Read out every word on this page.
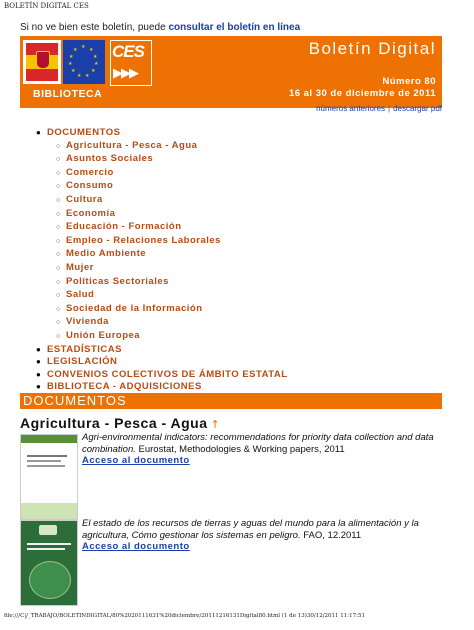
BOLETÍN DIGITAL CES
Si no ve bien este boletín, puede consultar el boletín en línea
★ ★
★
★
★
★
★
★
★
★
★ CES
▶▶▶
BIBLIOTECA
Boletín Digital
Número 80
16 al 30 de diciembre de 2011
números anteriores | descargar pdf
● DOCUMENTOS
○ Agricultura - Pesca - Agua
○ Asuntos Sociales
○ Comercio
○ Consumo
○ Cultura
○ Economía
○ Educación - Formación
○ Empleo - Relaciones Laborales
○ Medio Ambiente
○ Mujer
○ Políticas Sectoriales
○ Salud
○ Sociedad de la Información
○ Vivienda
○ Unión Europea
● ESTADÍSTICAS
● LEGISLACIÓN
● CONVENIOS COLECTIVOS DE ÁMBITO ESTATAL
● BIBLIOTECA - ADQUISICIONES
DOCUMENTOS
Agricultura - Pesca - Agua ↑
Agri-environmental indicators: recommendations for priority data collection and data combination. Eurostat, Methodologies & Working papers, 2011
Acceso al documento
El estado de los recursos de tierras y aguas del mundo para la alimentación y la agricultura, Cómo gestionar los sistemas en peligro. FAO, 12.2011
Acceso al documento
file:///C|/_TRABAJO/BOLETINDIGITAL/80%2020111631%20diciembre/20111216131Digital80.html (1 de 13)30/12/2011 11:17:51
